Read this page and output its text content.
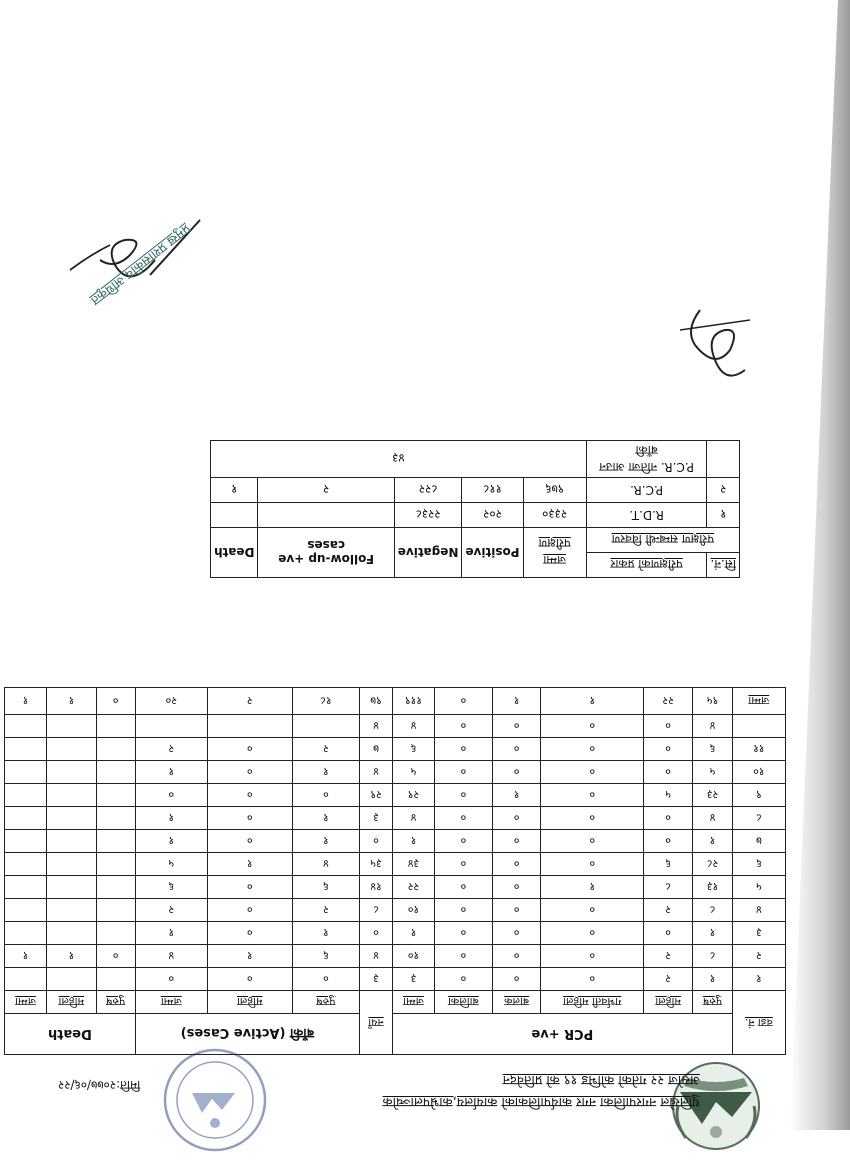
धुलिखेल नगरपालिका नगर कार्यपालिकाको कार्यालय,काभ्रेपलाञ्चोक
असोज २२ गतेको कोभिड १९ को प्रतिवेदन
मिति:२०७७/०६/२२
वडा नं.	PCR +ve						नयाँ	बाँकी (Active Cases)			Death		
	पुरुष	महिला	गर्भवती महिला	बालक	बालिका	जम्मा		पुरुष	महिला	जम्मा	पुरुष	महिला	जम्मा
१	१	२	०	०	०	३	३	०	०	०			
२	८	२	०	०	०	१०	४	६	१	४	०	१	१
३	१	०	०	०	०	१	०	१	०	१			
४	८	२	०	०	०	१०	८	२	०	२			
५	१३	८	१	०	०	२२	१४	६	०	६			
६	२८	६	०	०	०	३४	३५	४	१	५			
७	१	०	०	०	०	१	०	१	०	१			
८	४	०	०	०	०	४	३	१	०	१			
९	२३	५	०	१	०	२९	२९	०	०	०			
१०	५	०	०	०	०	५	४	१	०	१			
११	६	०	०	०	०	६	७	२	०	२			
	४	०	०	०	०	४	४						
जम्मा	९५	२२	१	१	०	११९	९७	१८	२	२०	०	१	१
सि.नं.	परीक्षणको प्रकार	जम्मा परीक्षण	Positive	Negative	Follow-up +ve cases	Death
परीक्षण सम्बन्धी विवरण						
१	R.D.T.	२३३०	२०२	२२३८		
२	P.C.R.	९७६	११८	८२२	२	१
	P.C.R. नतिजा आउन बाँकी	४३				
प्रमुख प्रशासकीय अधिकृत
